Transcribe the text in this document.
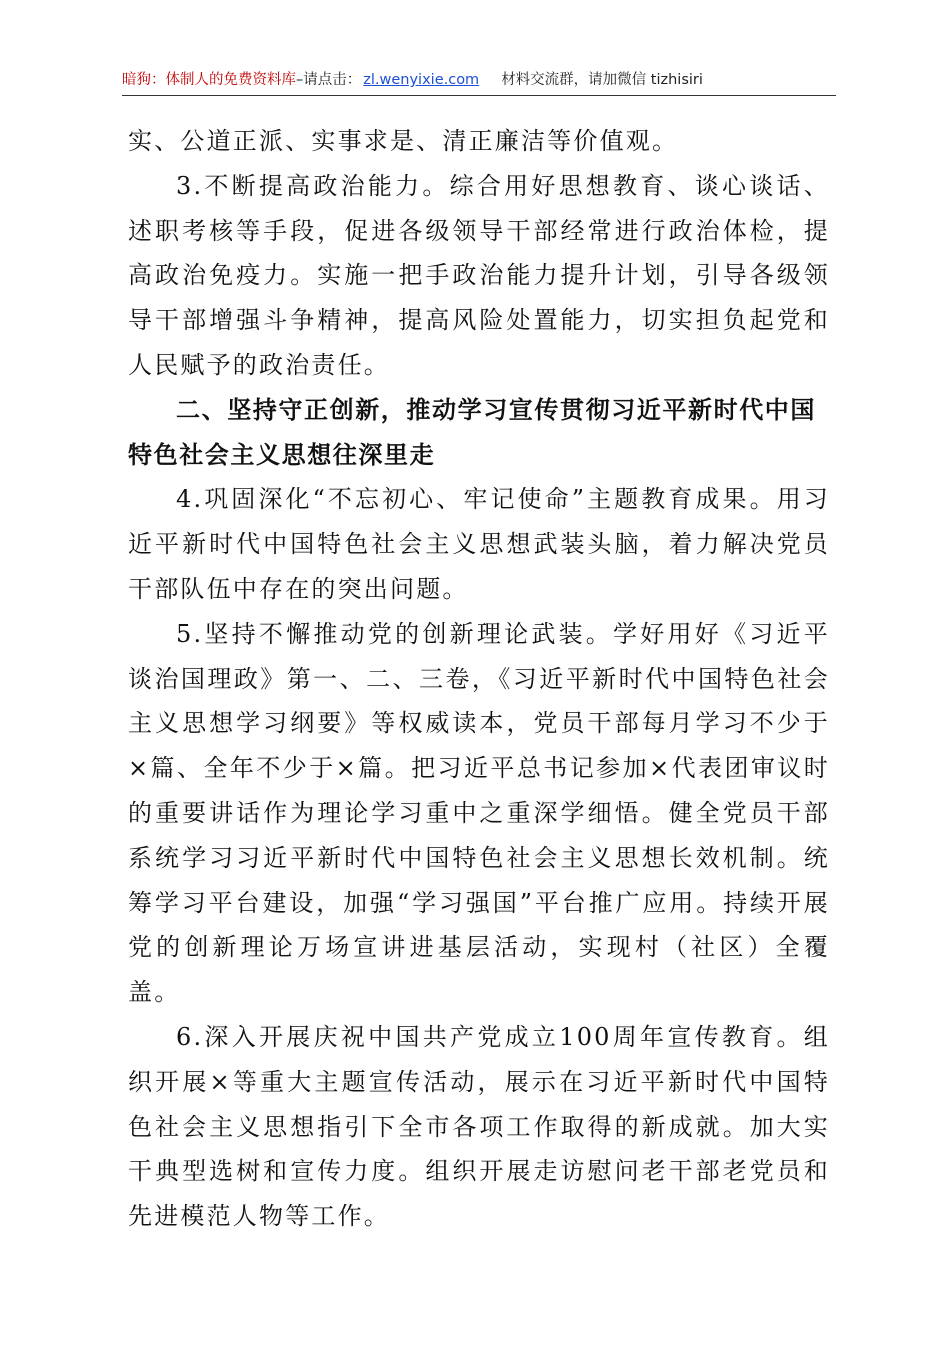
暗狗：体制人的免费资料库–请点击： zl.wenyixie.com 材料交流群，请加微信 tizhisiri

实、公道正派、实事求是、清正廉洁等价值观。

3.不断提高政治能力。综合用好思想教育、谈心谈话、述职考核等手段，促进各级领导干部经常进行政治体检，提高政治免疫力。实施一把手政治能力提升计划，引导各级领导干部增强斗争精神，提高风险处置能力，切实担负起党和人民赋予的政治责任。

二、坚持守正创新，推动学习宣传贯彻习近平新时代中国特色社会主义思想往深里走

4.巩固深化“不忘初心、牢记使命”主题教育成果。用习近平新时代中国特色社会主义思想武装头脑，着力解决党员干部队伍中存在的突出问题。

5.坚持不懈推动党的创新理论武装。学好用好《习近平谈治国理政》第一、二、三卷，《习近平新时代中国特色社会主义思想学习纲要》等权威读本，党员干部每月学习不少于×篇、全年不少于×篇。把习近平总书记参加×代表团审议时的重要讲话作为理论学习重中之重深学细悟。健全党员干部系统学习习近平新时代中国特色社会主义思想长效机制。统筹学习平台建设，加强“学习强国”平台推广应用。持续开展党的创新理论万场宣讲进基层活动，实现村（社区）全覆盖。

6.深入开展庆祝中国共产党成立100周年宣传教育。组织开展×等重大主题宣传活动，展示在习近平新时代中国特色社会主义思想指引下全市各项工作取得的新成就。加大实干典型选树和宣传力度。组织开展走访慰问老干部老党员和先进模范人物等工作。
